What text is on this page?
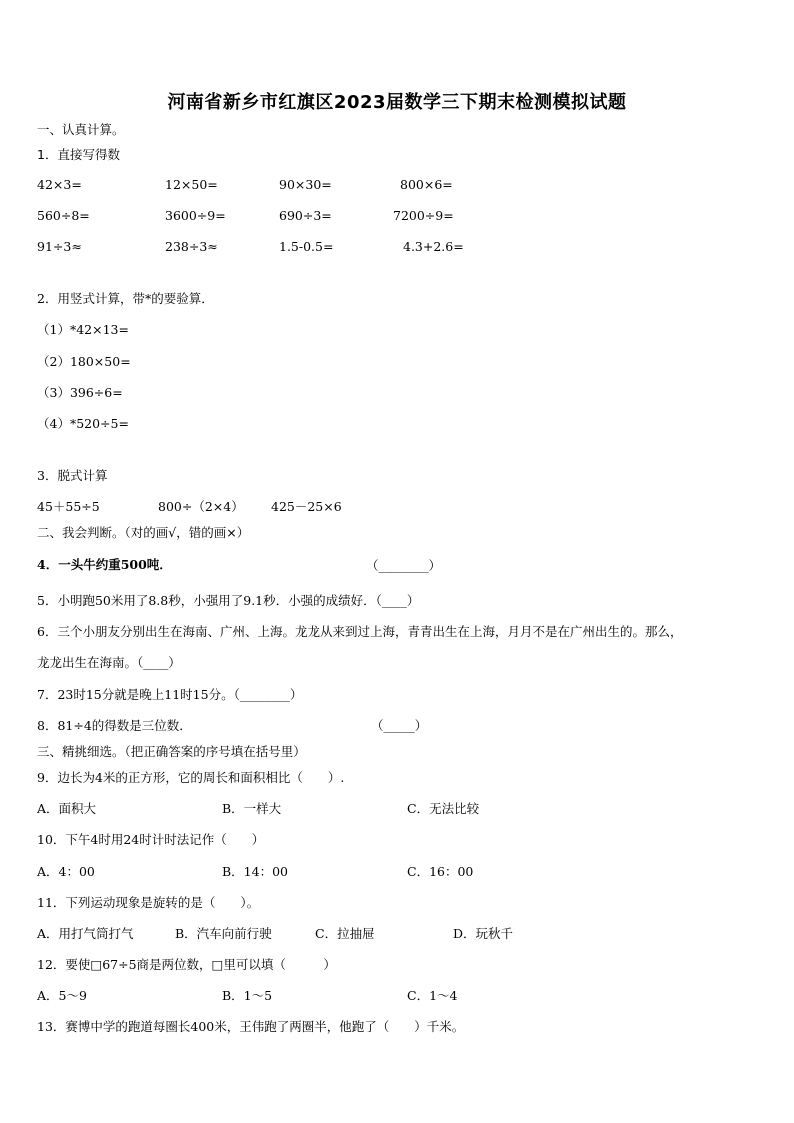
河南省新乡市红旗区2023届数学三下期末检测模拟试题
一、认真计算。
1．直接写得数
42×3=	12×50=	90×30=	800×6=
560÷8=	3600÷9=	690÷3=	7200÷9=
91÷3≈	238÷3≈	1.5-0.5=	4.3+2.6=
2．用竖式计算，带*的要验算．
（1）*42×13=
（2）180×50=
（3）396÷6=
（4）*520÷5=
3．脱式计算
45＋55÷5	800÷（2×4） 425－25×6
二、我会判断。（对的画√，错的画×）
4．一头牛约重500吨．	（________）
5．小明跑50米用了8.8秒，小强用了9.1秒．小强的成绩好．（____）
6．三个小朋友分别出生在海南、广州、上海。龙龙从来到过上海，青青出生在上海，月月不是在广州出生的。那么，
龙龙出生在海南。（____）
7．23时15分就是晚上11时15分。（________）
8．81÷4的得数是三位数．	（_____）
三、精挑细选。（把正确答案的序号填在括号里）
9．边长为4米的正方形，它的周长和面积相比（　　）.
A．面积大	B．一样大	C．无法比较
10．下午4时用24时计时法记作（　　）
A．4：00	B．14：00	C．16：00
11．下列运动现象是旋转的是（　　）。
A．用打气筒打气	B．汽车向前行驶	C．拉抽屉	D．玩秋千
12．要使□67÷5商是两位数，□里可以填（　　　）
A．5～9	B．1～5	C．1～4
13．赛博中学的跑道每圈长400米，王伟跑了两圈半，他跑了（　　）千米。
